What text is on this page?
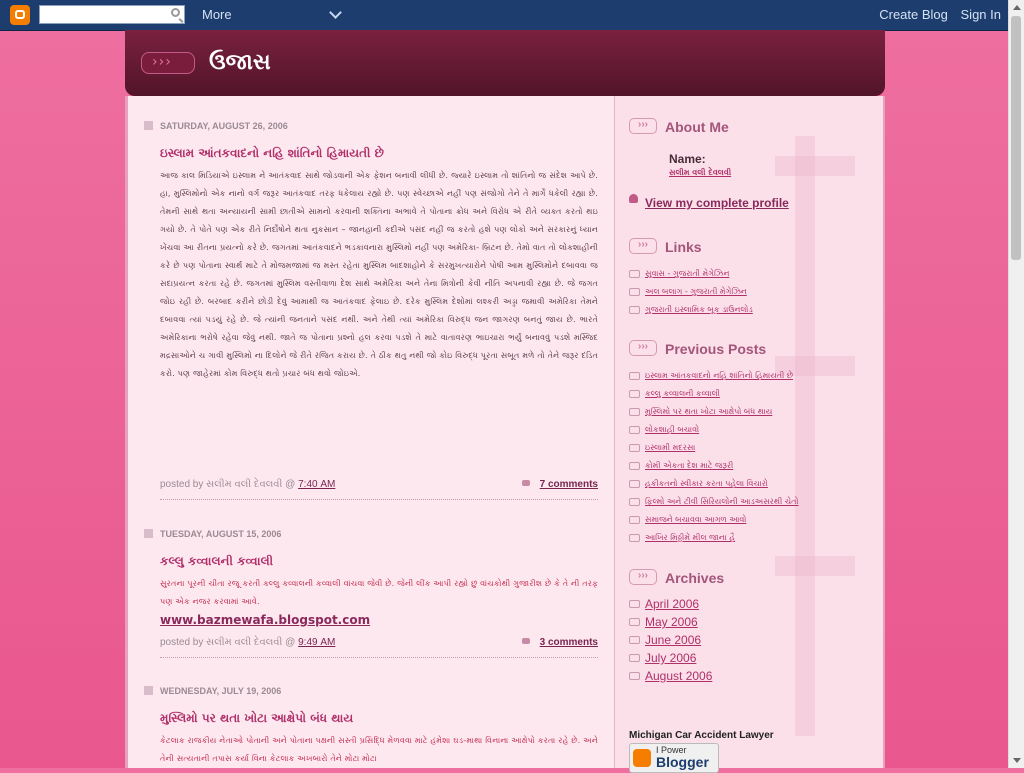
More	Create Blog Sign In
›››
ઉજાસ
SATURDAY, AUGUST 26, 2006
ઇસ્લામ આંતકવાદનો નહિ શાંતિનો હિમાયતી છે
આજ કાલ મિડિયાએ ઇસ્લામ ને આતંકવાદ સાથે જોડવાની એક ફેશન બનાવી લીધી છે. જ્યારે ઇસ્લામ તો શાંતિનો જ સંદેશ આપે છે. હા, મુસ્લિમોનો એક નાનો વર્ગ જરૂર આતંકવાદ તરફ ધકેલાય રહ્યો છે. પણ સ્વેચ્છાએ નહીં પણ સંજોગો તેને તે માર્ગે ધકેલી રહ્યા છે. તેમની સાથે થતા અન્યાયની સામી છાતીએ સામનો કરવાની શક્તિના અભાવે તે પોતાના ક્રોધ અને વિરોધ એ રીતે વ્યક્ત કરતો થઇ ગયો છે. તે પોતે પણ એક રીતે નિર્દોષોને થતા નુકસાન – જાનહાની કદીએ પસંદ નહીં જ કરતો હશે પણ લોકો અને સરકારનું ધ્યાન ખેંચવા આ રીતના પ્રયત્નો કરે છે. જગતમાં આતંકવાદને ભડકાવનારા મુસ્લિમો નહીં પણ અમેરિકા- બ્રિટન છે. તેમો વાત તો લોકશાહીની કરે છે પણ પોતાના સ્વાર્થ માટે તે મોજમજામાં જ મસ્ત રહેતા મુસ્લિમ બાદશાહોને કે સરમુખત્યારોને પોષી આમ મુસ્લિમોને દબાવવા જ સદાપ્રયત્ન કરતા રહે છે. જગતમાં મુસ્લિમ વસ્તીવાળા દેશ સાથે અમેરિકા અને તેના મિત્રોની કેવી નીતિ અપનાવી રહ્યા છે. જે જગત જોઇ રહી છે. બરબાદ કરીને છોડી દેવું આમાથી જ આતંકવાદ ફેલાઇ છે. દરેક મુસ્લિમ દેશોમાં લશ્કરી અડ્ડા જમાવી અમેરિકા તેમને દબાવવા ત્યાં પડયું રહે છે. જે ત્યાંની જનતાને પસંદ નથી. અને તેથી ત્યાં અમેરિકા વિરુદ્ધ જન જાગરણ બનતું જાય છે. ભારતે અમેરિકાના ભરોષે રહેવા જેવું નથી. જાતે જ પોતાના પ્રશ્નો હલ કરવા પડશે તે માટે વાતાવરણ ભાઇચારા ભર્યું બનાવવું પડશે મસ્જિદ મદ્રસાઓને ચ ગાવી મુસ્લિમો ના દિલોને જે રીતે રંજિત કરાય છે. તે ઠીક થતુ નથી જો કોઇ વિરુદ્ધ પૂરતા સબૂત મળે તો તેને જરૂર દંડિત કરો. પણ જાહેરમાં કોમ વિરુદ્ધ થતો પ્રચાર બંધ થવો જોઇએ.
posted by સલીમ વલી દેવલવી @ 7:40 AM	7 comments
TUESDAY, AUGUST 15, 2006
કલ્લુ કવ્વાલની કવ્વાલી
સુરતના પૂરની ચીતા રજૂ કરતી કલ્લુ કવ્વાલની કવ્વાલી વાંચવા જેવી છે. જેની લીંક આપી રહ્યો છું વાંચકોથી ગુજારીશ છે કે તે ની તરફ પણ એક નજર કરવામાં આવે.
www.bazmewafa.blogspot.com
posted by સલીમ વલી દેવલવી @ 9:49 AM	3 comments
WEDNESDAY, JULY 19, 2006
મુસ્લિમો પર થતા ખોટા આક્ષેપો બંધ થાય
કેટલાક રાજકીય નેતાઓ પોતાની અને પોતાના પક્ષની સસ્તી પ્રસિદ્ધિ મેળવવા માટે હંમેશા ઘડ-માથા વિનાના આક્ષેપો કરતા રહે છે. અને તેની સત્યતાની તપાસ કર્યા વિના કેટલાક અખબારો તેને મોટા મોટા
››› About Me
Name:
સલીમ વલી દેવલવી
View my complete profile
››› Links
સુવાસ - ગુજરાતી મેગેઝિન
અલ બલાગ - ગુજરાતી મેગેઝિન
ગુજરાતી ઇસ્લામિક બૂક ડાઉનલોડ
››› Previous Posts
ઇસ્લામ આંતકવાદનો નહિ શાંતિનો હિમાયતી છે
કલ્લુ કવ્વાલની કવ્વાલી
મુસ્લિમો પર થતા ખોટા આક્ષેપો બંધ થાય
લોકશાહી બચાવો
ઇસ્લામી મદરસા
કોમી એકતા દેશ માટે જરૂરી
હકીકતનો સ્વીકાર કરતા પહેલા વિચારો
ફિલ્મો અને ટીવી સિરિયલોની આડઅસરથી ચેતો
સમાજને બચાવવા આગળ આવો
આખિર મિઠ્ઠીમેં મીલ જાના હૈ
››› Archives
April 2006
May 2006
June 2006
July 2006
August 2006
Michigan Car Accident Lawyer
I Power
Blogger
